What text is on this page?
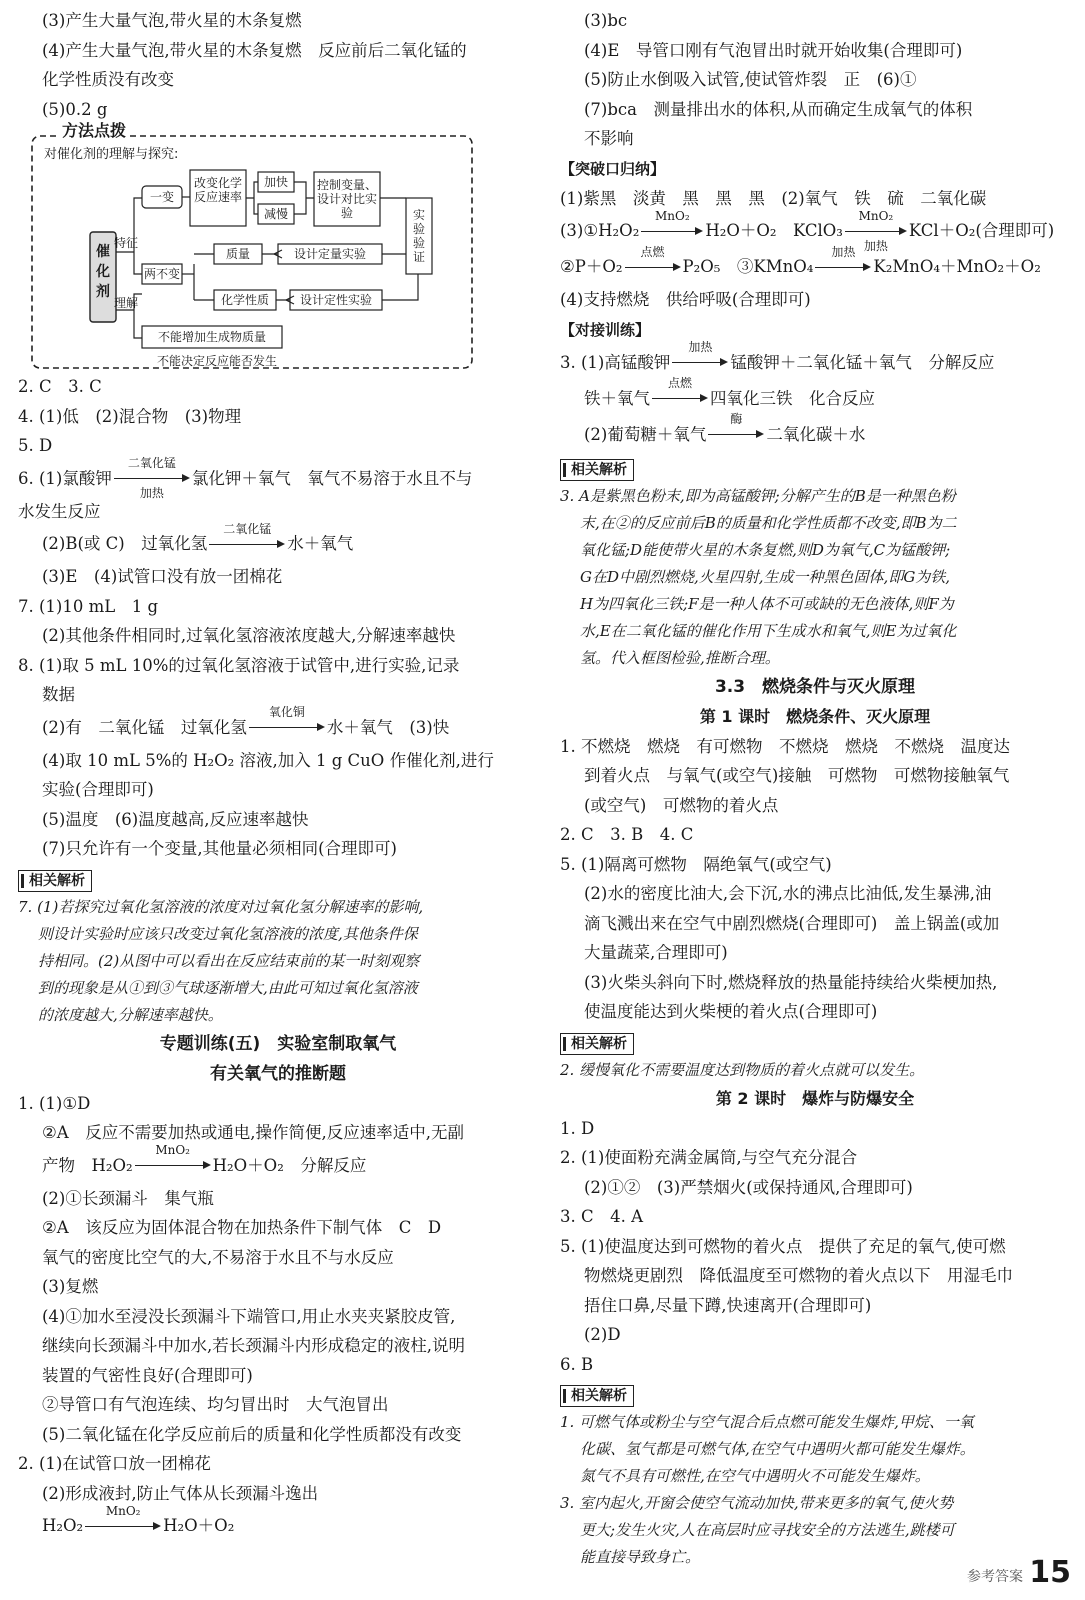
(3)产生大量气泡,带火星的木条复燃
(4)产生大量气泡,带火星的木条复燃　反应前后二氧化锰的
化学性质没有改变
(5)0.2 g
方法点拨
对催化剂的理解与探究:
催化剂
特征
理解
一变
两不变
改变化学反应速率
加快
减慢
控制变量、设计对比实验	实验验证
质量
化学性质
设计定量实验
设计定性实验
不能增加生成物质量
不能决定反应能否发生
2. C　3. C
4. (1)低　(2)混合物　(3)物理
5. D
6. (1)氯酸钾
二氧化锰
加热
氯化钾＋氧气　氧气不易溶于水且不与
水发生反应
(2)B(或 C)　过氧化氢
二氧化锰
水＋氧气
(3)E　(4)试管口没有放一团棉花
7. (1)10 mL　1 g
(2)其他条件相同时,过氧化氢溶液浓度越大,分解速率越快
8. (1)取 5 mL 10%的过氧化氢溶液于试管中,进行实验,记录
数据
(2)有　二氧化锰　过氧化氢
氧化铜
水＋氧气　(3)快
(4)取 10 mL 5%的 H₂O₂ 溶液,加入 1 g CuO 作催化剂,进行
实验(合理即可)
(5)温度　(6)温度越高,反应速率越快
(7)只允许有一个变量,其他量必须相同(合理即可)
相关解析
7. (1)若探究过氧化氢溶液的浓度对过氧化氢分解速率的影响,
则设计实验时应该只改变过氧化氢溶液的浓度,其他条件保
持相同。(2)从图中可以看出在反应结束前的某一时刻观察
到的现象是从①到③气球逐渐增大,由此可知过氧化氢溶液
的浓度越大,分解速率越快。
专题训练(五)　实验室制取氧气
有关氧气的推断题
1. (1)①D
②A　反应不需要加热或通电,操作简便,反应速率适中,无副
产物　H₂O₂
MnO₂
H₂O＋O₂　分解反应
(2)①长颈漏斗　集气瓶
②A　该反应为固体混合物在加热条件下制气体　C　D
氧气的密度比空气的大,不易溶于水且不与水反应
(3)复燃
(4)①加水至浸没长颈漏斗下端管口,用止水夹夹紧胶皮管,
继续向长颈漏斗中加水,若长颈漏斗内形成稳定的液柱,说明
装置的气密性良好(合理即可)
②导管口有气泡连续、均匀冒出时　大气泡冒出
(5)二氧化锰在化学反应前后的质量和化学性质都没有改变
2. (1)在试管口放一团棉花
(2)形成液封,防止气体从长颈漏斗逸出
H₂O₂
MnO₂
H₂O＋O₂
(3)bc
(4)E　导管口刚有气泡冒出时就开始收集(合理即可)
(5)防止水倒吸入试管,使试管炸裂　正　(6)①
(7)bca　测量排出水的体积,从而确定生成氧气的体积
不影响
【突破口归纳】
(1)紫黑　淡黄　黑　黑　黑　(2)氧气　铁　硫　二氧化碳
(3)①H₂O₂
MnO₂
H₂O＋O₂　KClO₃
MnO₂
加热
KCl＋O₂(合理即可)
②P＋O₂
点燃
P₂O₅　③KMnO₄
加热
K₂MnO₄＋MnO₂＋O₂
(4)支持燃烧　供给呼吸(合理即可)
【对接训练】
3. (1)高锰酸钾
加热
锰酸钾＋二氧化锰＋氧气　分解反应
铁＋氧气
点燃
四氧化三铁　化合反应
(2)葡萄糖＋氧气
酶
二氧化碳＋水
相关解析
3. A是紫黑色粉末,即为高锰酸钾;分解产生的B是一种黑色粉
末,在②的反应前后B的质量和化学性质都不改变,即B为二
氧化锰;D能使带火星的木条复燃,则D为氧气,C为锰酸钾;
G在D中剧烈燃烧,火星四射,生成一种黑色固体,即G为铁,
H为四氧化三铁;F是一种人体不可或缺的无色液体,则F为
水,E在二氧化锰的催化作用下生成水和氧气,则E为过氧化
氢。代入框图检验,推断合理。
3.3　燃烧条件与灭火原理
第 1 课时　燃烧条件、灭火原理
1. 不燃烧　燃烧　有可燃物　不燃烧　燃烧　不燃烧　温度达
到着火点　与氧气(或空气)接触　可燃物　可燃物接触氧气
(或空气)　可燃物的着火点
2. C　3. B　4. C
5. (1)隔离可燃物　隔绝氧气(或空气)
(2)水的密度比油大,会下沉,水的沸点比油低,发生暴沸,油
滴飞溅出来在空气中剧烈燃烧(合理即可)　盖上锅盖(或加
大量蔬菜,合理即可)
(3)火柴头斜向下时,燃烧释放的热量能持续给火柴梗加热,
使温度能达到火柴梗的着火点(合理即可)
相关解析
2. 缓慢氧化不需要温度达到物质的着火点就可以发生。
第 2 课时　爆炸与防爆安全
1. D
2. (1)使面粉充满金属筒,与空气充分混合
(2)①②　(3)严禁烟火(或保持通风,合理即可)
3. C　4. A
5. (1)使温度达到可燃物的着火点　提供了充足的氧气,使可燃
物燃烧更剧烈　降低温度至可燃物的着火点以下　用湿毛巾
捂住口鼻,尽量下蹲,快速离开(合理即可)
(2)D
6. B
相关解析
1. 可燃气体或粉尘与空气混合后点燃可能发生爆炸,甲烷、一氧
化碳、氢气都是可燃气体,在空气中遇明火都可能发生爆炸。
氮气不具有可燃性,在空气中遇明火不可能发生爆炸。
3. 室内起火,开窗会使空气流动加快,带来更多的氧气,使火势
更大;发生火灾,人在高层时应寻找安全的方法逃生,跳楼可
能直接导致身亡。
参考答案 15
